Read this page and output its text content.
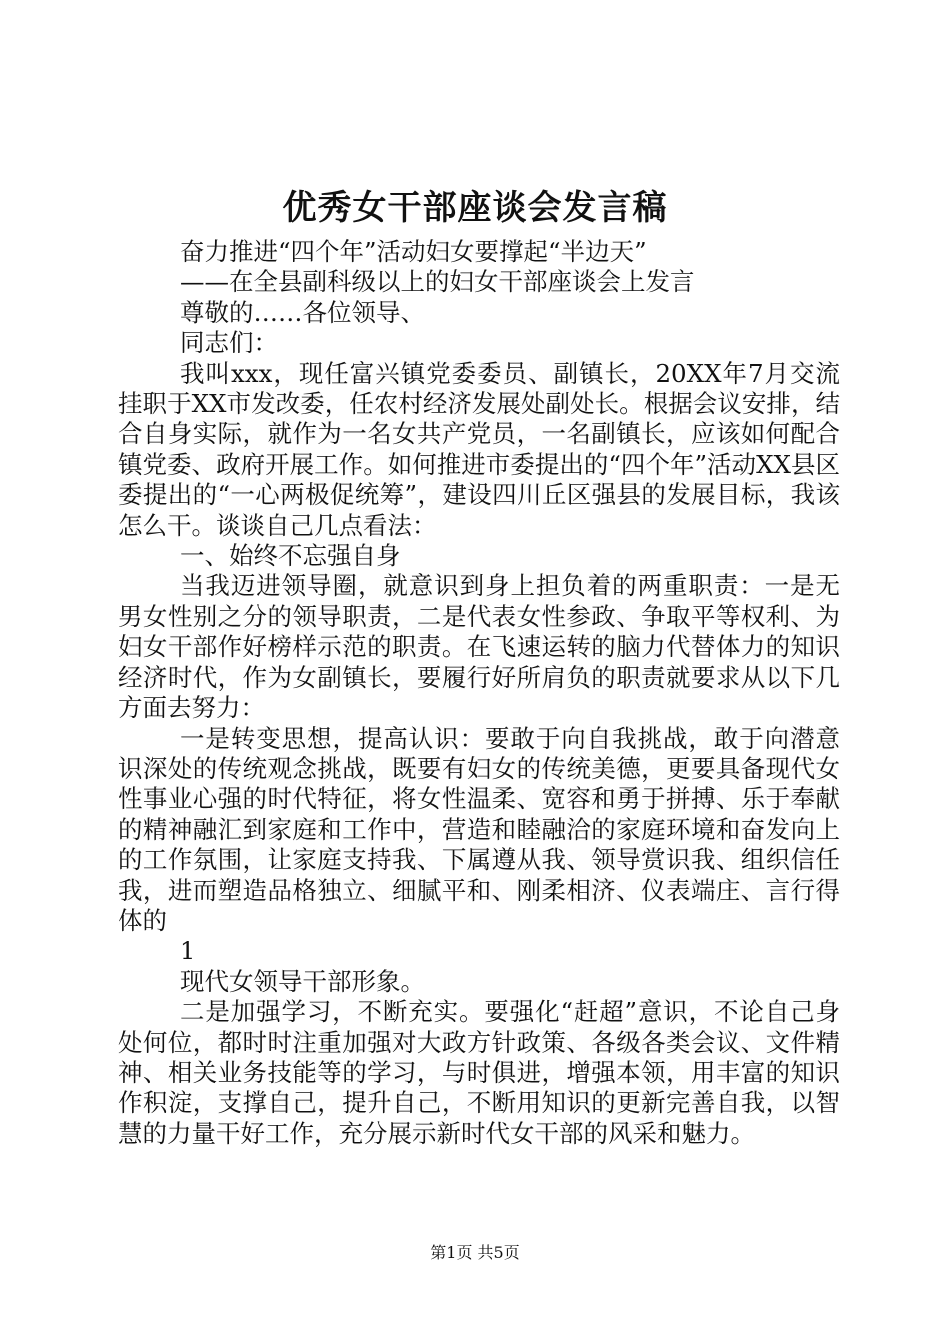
优秀女干部座谈会发言稿

奋力推进“四个年”活动妇女要撑起“半边天”

——在全县副科级以上的妇女干部座谈会上发言

尊敬的……各位领导、

同志们：

我叫xxx，现任富兴镇党委委员、副镇长，20XX年7月交流挂职于XX市发改委，任农村经济发展处副处长。根据会议安排，结合自身实际，就作为一名女共产党员，一名副镇长，应该如何配合镇党委、政府开展工作。如何推进市委提出的“四个年”活动XX县区委提出的“一心两极促统筹”，建设四川丘区强县的发展目标，我该怎么干。谈谈自己几点看法：

一、始终不忘强自身

当我迈进领导圈，就意识到身上担负着的两重职责：一是无男女性别之分的领导职责，二是代表女性参政、争取平等权利、为妇女干部作好榜样示范的职责。在飞速运转的脑力代替体力的知识经济时代，作为女副镇长，要履行好所肩负的职责就要求从以下几方面去努力：

一是转变思想，提高认识：要敢于向自我挑战，敢于向潜意识深处的传统观念挑战，既要有妇女的传统美德，更要具备现代女性事业心强的时代特征，将女性温柔、宽容和勇于拼搏、乐于奉献的精神融汇到家庭和工作中，营造和睦融洽的家庭环境和奋发向上的工作氛围，让家庭支持我、下属遵从我、领导赏识我、组织信任我，进而塑造品格独立、细腻平和、刚柔相济、仪表端庄、言行得体的

1

现代女领导干部形象。

二是加强学习，不断充实。要强化“赶超”意识，不论自己身处何位，都时时注重加强对大政方针政策、各级各类会议、文件精神、相关业务技能等的学习，与时俱进，增强本领，用丰富的知识作积淀，支撑自己，提升自己，不断用知识的更新完善自我，以智慧的力量干好工作，充分展示新时代女干部的风采和魅力。

第1页 共5页
